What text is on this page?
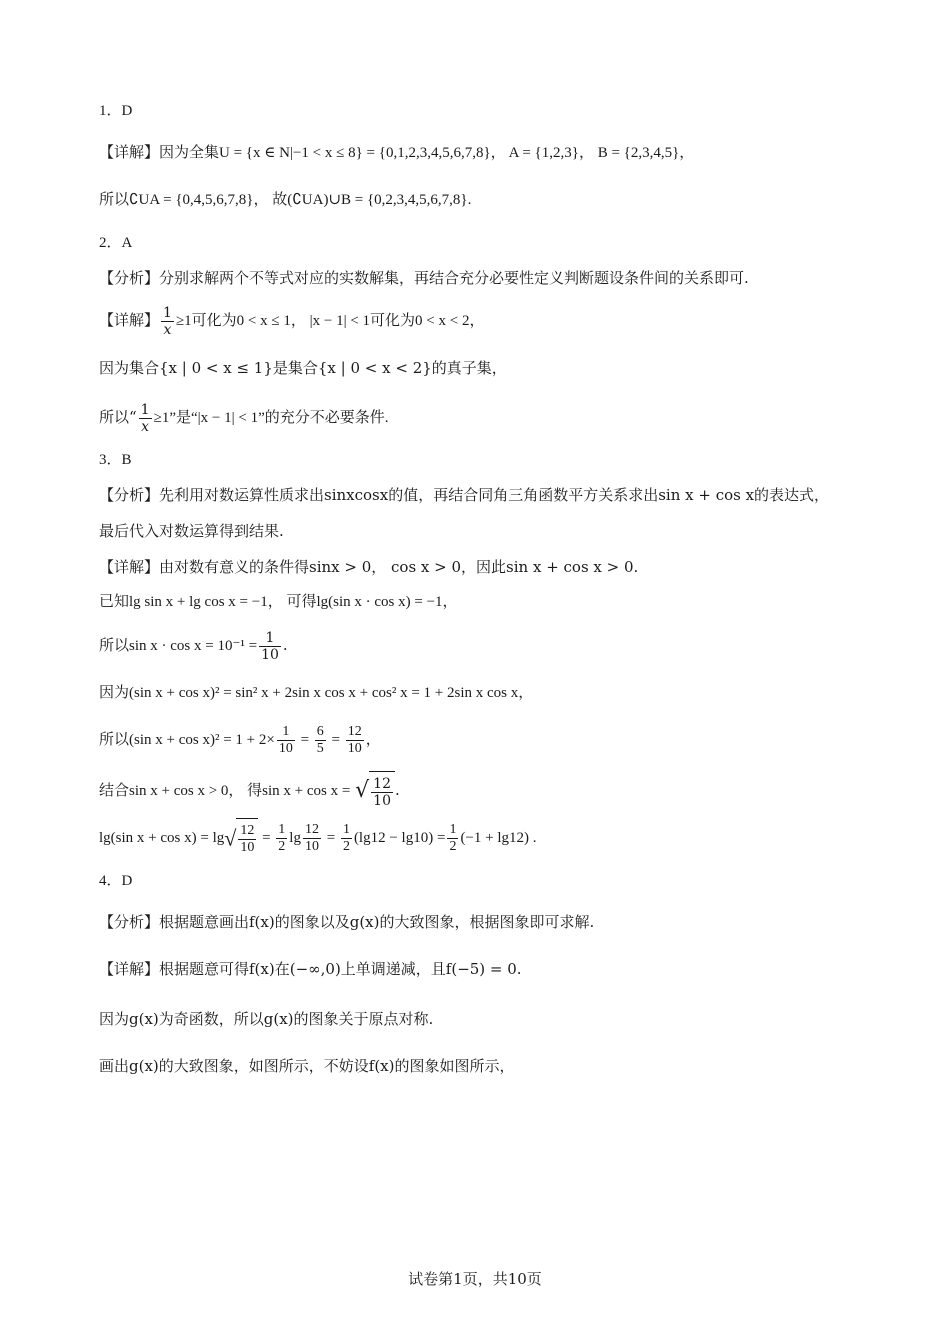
1．D
【详解】因为全集U = {x ∈ N|−1 < x ≤ 8} = {0,1,2,3,4,5,6,7,8}， A = {1,2,3}， B = {2,3,4,5}，
所以∁UA = {0,4,5,6,7,8}， 故(∁UA)∪B = {0,2,3,4,5,6,7,8}.
2．A
【分析】分别求解两个不等式对应的实数解集，再结合充分必要性定义判断题设条件间的关系即可.
【详解】 $\frac{1}{x} \ge 1$可化为0 < x ≤ 1， |x − 1| < 1可化为0 < x < 2，
因为集合{x | 0 < x ≤ 1}是集合{x | 0 < x < 2}的真子集，
所以“ $\frac{1}{x} \ge 1$”是“|x − 1| < 1”的充分不必要条件.
3．B
【分析】先利用对数运算性质求出sinxcosx的值，再结合同角三角函数平方关系求出sin x + cos x的表达式，
最后代入对数运算得到结果.
【详解】由对数有意义的条件得sinx > 0， cos x > 0，因此sin x + cos x > 0.
已知lg sin x + lg cos x = −1， 可得lg(sin x · cos x) = −1，
所以$\sin x \cdot \cos x = 10^{-1} = \frac{1}{10}$ .
因为(sin x + cos x)² = sin² x + 2sin x cos x + cos² x = 1 + 2sin x cos x，
所以(sin $x + \cos x)^2 = 1 + 2\times \frac{1}{10} = \frac{6}{5} = \frac{12}{10}$ ，
结合sin x + cos x > 0， 得sin x + cos x = √ $\frac{12}{10}$ .
lg(sin $x + \cos x) = \lg√ \frac{12}{10} = \frac{1}{2}$ $\lg \frac{12}{10} = \frac{1}{2} (\lg 12 - \lg 10) = \frac{1}{2} (-1 + \lg 12)$ .
4．D
【分析】根据题意画出f(x)的图象以及g(x)的大致图象，根据图象即可求解.
【详解】根据题意可得f(x)在(−∞,0)上单调递减，且f(−5) = 0.
因为g(x)为奇函数，所以g(x)的图象关于原点对称.
画出g(x)的大致图象，如图所示，不妨设f(x)的图象如图所示，
试卷第1页，共10页
